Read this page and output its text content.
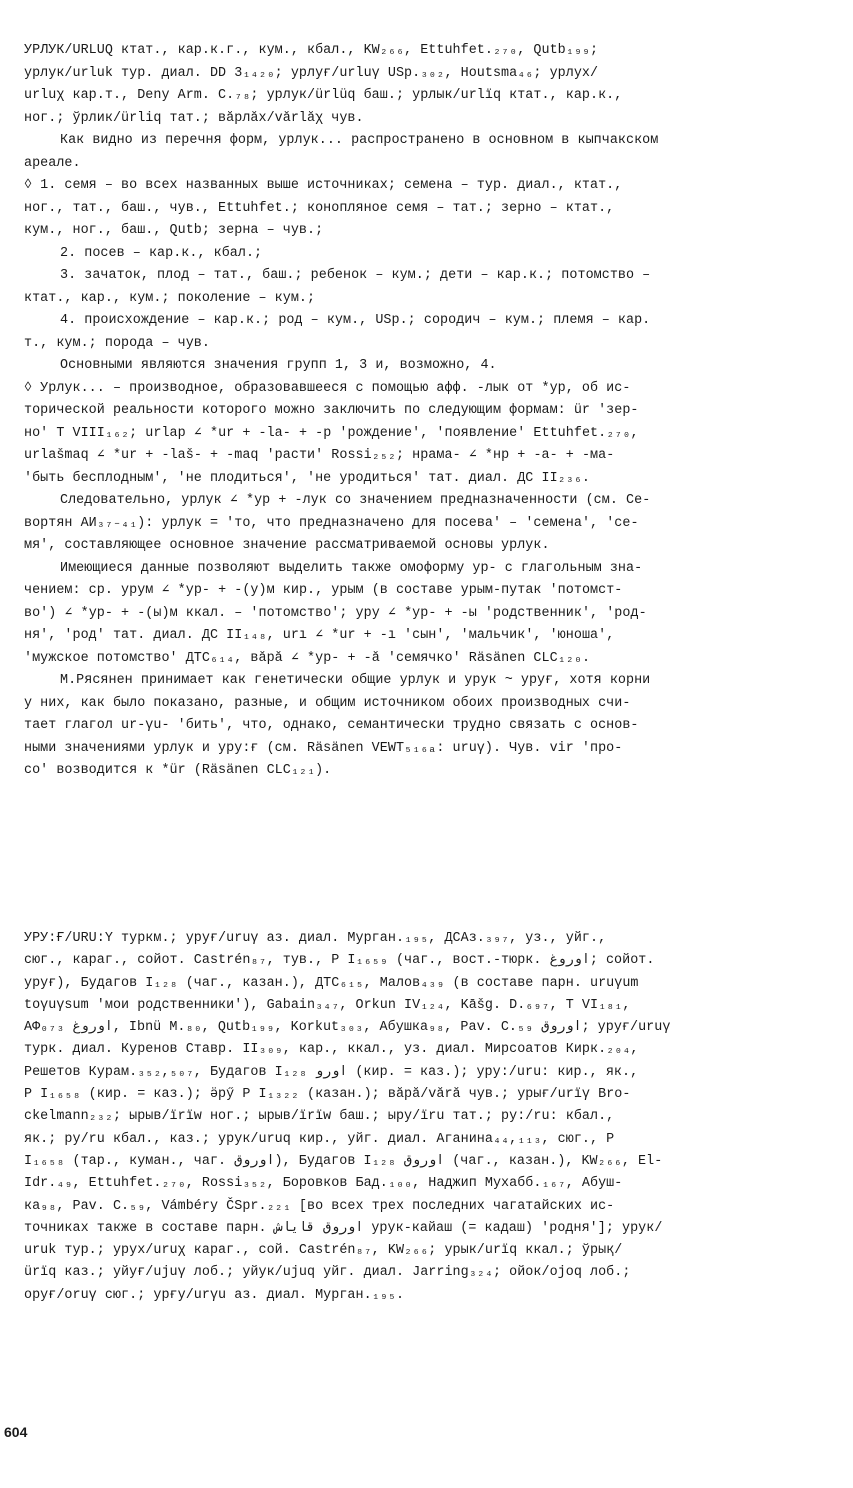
УРЛУК/URLUQ ктат., кар.к.г., кум., кбал., KW₂₆₆, Ettuhfet.₂₇₀, Qutb₁₉₉;
урлук/urluk тур. диал. DD 3₁₄₂₀; урлуғ/urluγ USp.₃₀₂, Houtsma₄₆; урлух/
urluχ кар.т., Deny Arm. C.₇₈; урлук/ürlüq баш.; урлык/urlïq ктат., кар.к.,
ног.; ўрлик/ürliq тат.; вăрлăх/vărlăχ чув.
Как видно из перечня форм, урлук... распространено в основном в кыпчакском
ареале.
◊ 1. семя – во всех названных выше источниках; семена – тур. диал., ктат.,
ног., тат., баш., чув., Ettuhfet.; конопляное семя – тат.; зерно – ктат.,
кум., ног., баш., Qutb; зерна – чув.;
2. посев – кар.к., кбал.;
3. зачаток, плод – тат., баш.; ребенок – кум.; дети – кар.к.; потомство –
ктат., кар., кум.; поколение – кум.;
4. происхождение – кар.к.; род – кум., USp.; сородич – кум.; племя – кар.
т., кум.; порода – чув.
Основными являются значения групп 1, 3 и, возможно, 4.
◊ Урлук... – производное, образовавшееся с помощью афф. -лык от *ур, об ис-
торической реальности которого можно заключить по следующим формам: ür 'зер-
но' T VIII₁₆₂; urlap ∠ *ur + -la- + -p 'рождение', 'появление' Ettuhfet.₂₇₀,
urlašmaq ∠ *ur + -laš- + -maq 'расти' Rossi₂₅₂; нрама- ∠ *нр + -а- + -ма-
'быть бесплодным', 'не плодиться', 'не уродиться' тат. диал. ДС II₂₃₆.
Следовательно, урлук ∠ *ур + -лук со значением предназначенности (см. Се-
вортян АИ₃₇₋₄₁): урлук = 'то, что предназначено для посева' – 'семена', 'се-
мя', составляющее основное значение рассматриваемой основы урлук.
Имеющиеся данные позволяют выделить также омоформу ур- с глагольным зна-
чением: ср. урум ∠ *ур- + -(у)м кир., урым (в составе урым-путак 'потомст-
во') ∠ *ур- + -(ы)м ккал. – 'потомство'; уру ∠ *ур- + -ы 'родственник', 'род-
ня', 'род' тат. диал. ДС II₁₄₈, urı ∠ *ur + -ı 'сын', 'мальчик', 'юноша',
'мужское потомство' ДТС₆₁₄, вăрă ∠ *ур- + -ă 'семячко' Räsänen CLC₁₂₀.
М.Рясянен принимает как генетически общие урлук и урук ~ уруғ, хотя корни
у них, как было показано, разные, и общим источником обоих производных счи-
тает глагол ur-γu- 'бить', что, однако, семантически трудно связать с основ-
ными значениями урлук и уру:ғ (см. Räsänen VEWT₅₁₆ₐ: uruγ). Чув. vir 'про-
со' возводится к *ür (Räsänen CLC₁₂₁).
УРУ:Ғ/URU:Y туркм.; уруғ/uruγ аз. диал. Мурган.₁₉₅, ДСАз.₃₉₇, уз., уйг.,
сюг., караг., сойот. Castrén₈₇, тув., Р I₁₆₅₉ (чаг., вост.-тюрк. اوروغ; сойот.
уруғ), Будагов I₁₂₈ (чаг., казан.), ДТС₆₁₅, Малов₄₃₉ (в составе парн. uruγum
toγuγsum 'мои родственники'), Gabain₃₄₇, Orkun IV₁₂₄, Kāšg. D.₆₉₇, T VI₁₈₁,
АФ₀₇₃ اوروغ, Ibnü M.₈₀, Qutb₁₉₉, Korkut₃₀₃, Абушка₉₈, Pav. C.₅₉ اوروق; уруғ/uruγ
турк. диал. Куренов Ставр. II₃₀₉, кар., ккал., уз. диал. Мирсоатов Кирк.₂₀₄,
Решетов Курам.₃₅₂,₅₀₇, Будагов I₁₂₈ اورو (кир. = каз.); уру:/uru: кир., як.,
Р I₁₆₅₈ (кир. = каз.); ӛрӳ Р I₁₃₂₂ (казан.); вăрă/vără чув.; урығ/urïγ Bro-
ckelmann₂₃₂; ырыв/ïrïw ног.; ырыв/ïrïw баш.; ыру/ïru тат.; ру:/ru: кбал.,
як.; ру/ru кбал., каз.; урук/uruq кир., уйг. диал. Аганина₄₄,₁₁₃, сюг., Р
I₁₆₅₈ (тар., куман., чаг. اوروق), Будагов I₁₂₈ اوروق (чаг., казан.), KW₂₆₆, El-
Idr.₄₉, Ettuhfet.₂₇₀, Rossi₃₅₂, Боровков Бад.₁₀₀, Наджип Мухабб.₁₆₇, Абуш-
ка₉₈, Pav. C.₅₉, Vámbéry ČSpr.₂₂₁ [во всех трех последних чагатайских ис-
точниках также в составе парн. اوروق قاياش урук-кайаш (= кадаш) 'родня']; урук/
uruk тур.; урух/uruχ караг., сой. Castrén₈₇, KW₂₆₆; урык/urïq ккал.; ўрық/
ürïq каз.; уйуғ/ujuγ лоб.; уйук/ujuq уйг. диал. Jarring₃₂₄; ойок/ojoq лоб.;
оруғ/oruγ сюг.; урғу/urγu аз. диал. Мурган.₁₉₅.
604
